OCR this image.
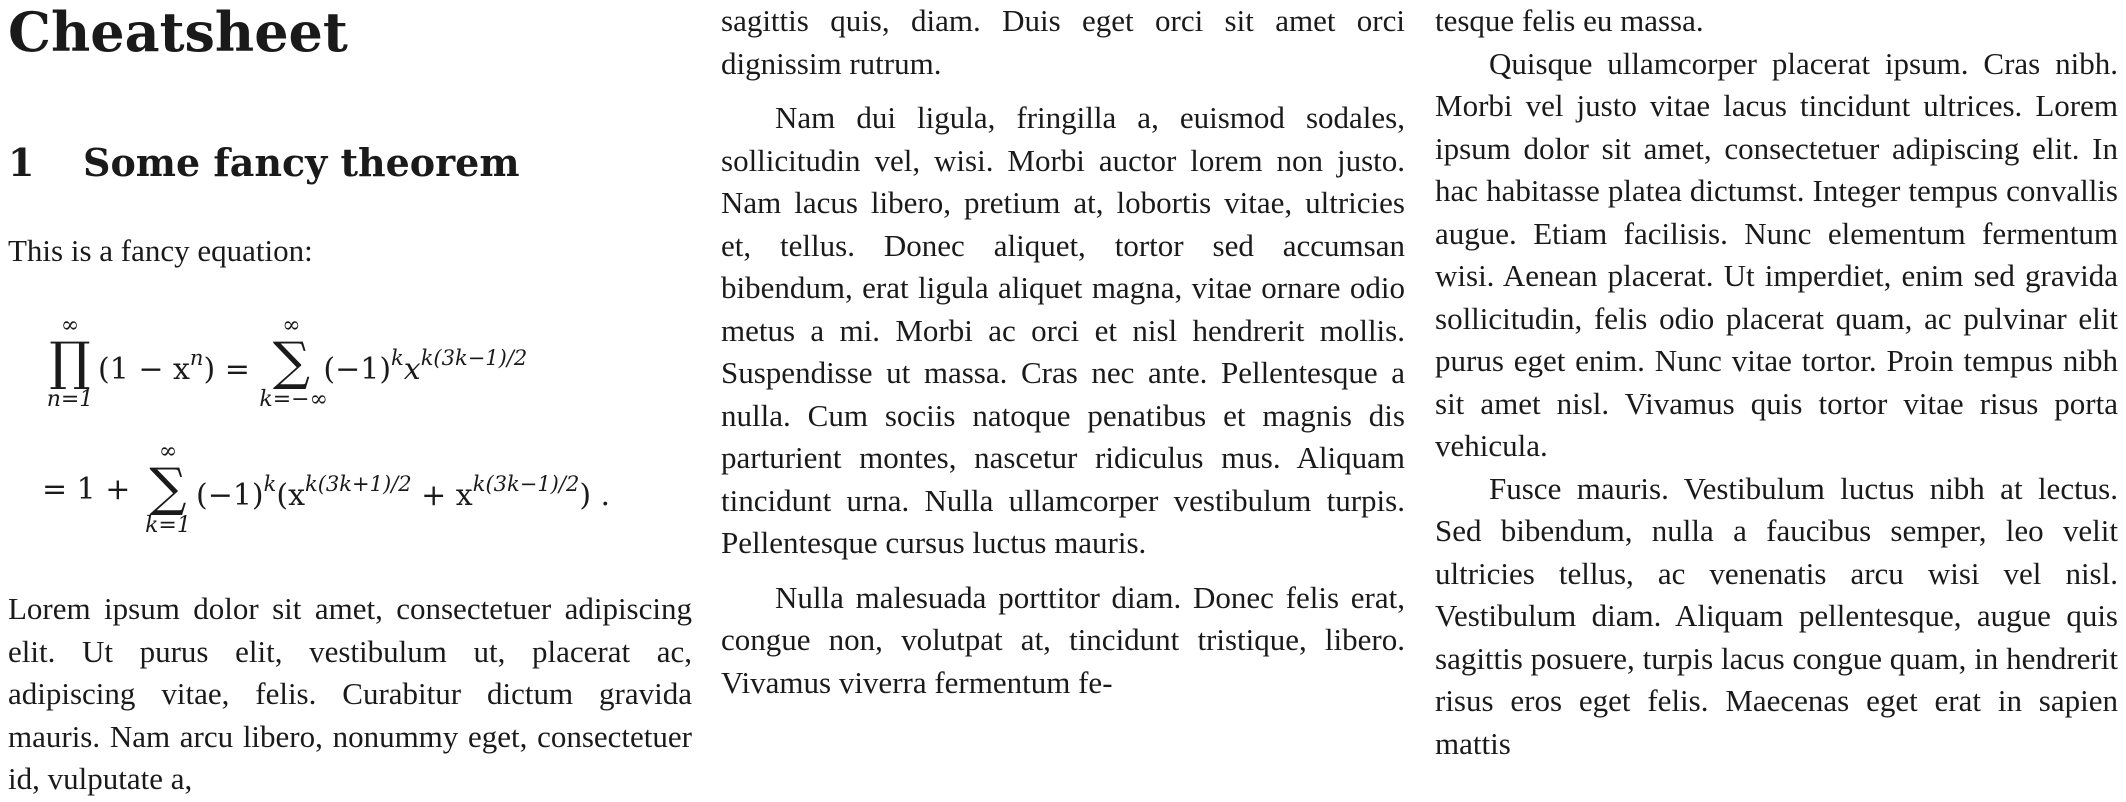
Cheatsheet
1 Some fancy theorem
This is a fancy equation:
∞
∏
n=1
$(1 - x^n)$ =
∞
∑
k=−∞
$(-1)^kx^{k(3k-1)/2}$
= 1 +
∞
∑
k=1
$(-1)^k(x^{k(3k+1)/2} + x^{k(3k-1)/2})$ .

Lorem ipsum dolor sit amet, consectetuer adipiscing elit. Ut purus elit, vestibulum ut, placerat ac, adipiscing vitae, felis. Curabitur dictum gravida mauris. Nam arcu libero, nonummy eget, consectetuer id, vulputate a,

sagittis quis, diam. Duis eget orci sit amet orci dignissim rutrum.

Nam dui ligula, fringilla a, euismod sodales, sollicitudin vel, wisi. Morbi auctor lorem non justo. Nam lacus libero, pretium at, lobortis vitae, ultricies et, tellus. Donec aliquet, tortor sed accumsan bibendum, erat ligula aliquet magna, vitae ornare odio metus a mi. Morbi ac orci et nisl hendrerit mollis. Suspendisse ut massa. Cras nec ante. Pellentesque a nulla. Cum sociis natoque penatibus et magnis dis parturient montes, nascetur ridiculus mus. Aliquam tincidunt urna. Nulla ullamcorper vestibulum turpis. Pellentesque cursus luctus mauris.

Nulla malesuada porttitor diam. Donec felis erat, congue non, volutpat at, tincidunt tristique, libero. Vivamus viverra fermentum fe-

tesque felis eu massa.

Quisque ullamcorper placerat ipsum. Cras nibh. Morbi vel justo vitae lacus tincidunt ultrices. Lorem ipsum dolor sit amet, consectetuer adipiscing elit. In hac habitasse platea dictumst. Integer tempus convallis augue. Etiam facilisis. Nunc elementum fermentum wisi. Aenean placerat. Ut imperdiet, enim sed gravida sollicitudin, felis odio placerat quam, ac pulvinar elit purus eget enim. Nunc vitae tortor. Proin tempus nibh sit amet nisl. Vivamus quis tortor vitae risus porta vehicula.

Fusce mauris. Vestibulum luctus nibh at lectus. Sed bibendum, nulla a faucibus semper, leo velit ultricies tellus, ac venenatis arcu wisi vel nisl. Vestibulum diam. Aliquam pellentesque, augue quis sagittis posuere, turpis lacus congue quam, in hendrerit risus eros eget felis. Maecenas eget erat in sapien mattis
